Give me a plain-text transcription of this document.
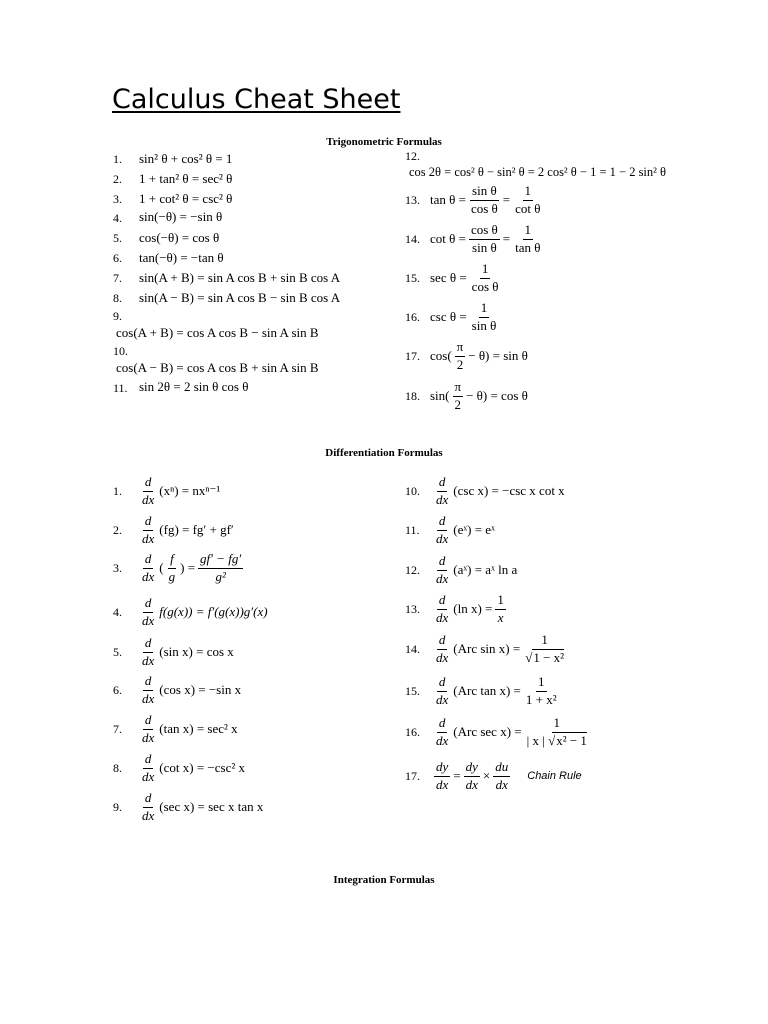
Calculus Cheat Sheet
Trigonometric Formulas
1. sin² θ + cos² θ = 1
2. 1 + tan² θ = sec² θ
3. 1 + cot² θ = csc² θ
4. sin(−θ) = −sin θ
5. cos(−θ) = cos θ
6. tan(−θ) = −tan θ
7. sin(A + B) = sin A cos B + sin B cos A
8. sin(A − B) = sin A cos B − sin B cos A
9.
cos(A + B) = cos A cos B − sin A sin B
10.
cos(A − B) = cos A cos B + sin A sin B
11. sin 2θ = 2 sin θ cos θ
12.
cos 2θ = cos² θ − sin² θ = 2 cos² θ − 1 = 1 − 2 sin² θ
13. $\tan \theta = \frac{\text{sin θ}}{\text{cos θ}} = \frac{1}{\text{cot θ}}$
14. $\cot \theta = \frac{\text{cos θ}}{\text{sin θ}} = \frac{1}{\text{tan θ}}$
15. $\sec \theta = \frac{1}{\text{cos θ}}$
16. $\csc \theta = \frac{1}{\text{sin θ}}$
17. $\cos( \frac{\pi}{2} - \theta) = \sin \theta$
18. $\sin( \frac{\pi}{2} - \theta) = \cos \theta$
Differentiation Formulas
1.	$\frac{d}{dx} (x^n) = nx^{n-1}$
2.	$\frac{d}{dx} (fg) = fg' + gf'$
3.	$\frac{d}{dx}$ ( $\frac{f}{g}$ ) = $\frac{gf' - fg'}{\text{g²}}$
4.	$\frac{d}{dx} f(g(x)) = f'(g(x))g'(x)$
5.	$\frac{d}{dx} (\sin$ x) = cos x
6.	$\frac{d}{dx} (\cos$ x) = −sin x
7.	$\frac{d}{dx} (\tan$ x) = sec² x
8.	$\frac{d}{dx} (\cot$ x) = −csc² x
9.	$\frac{d}{dx} (\sec$ x) = sec x tan x
10.	$\frac{d}{dx} (\csc$ x) = −csc x cot x
11.	$\frac{d}{dx}$ (eˣ) = eˣ
12.	$\frac{d}{dx}$ (aˣ) = aˣ ln a
13.	$\frac{d}{dx} (\ln$ $x) = \frac{1}{x}$
14.	$\frac{d}{dx} (Arc$ $\sin x) = \frac{1}{\text{√1 − x²}}$
15.	$\frac{d}{dx} (Arc$ $\tan x) = \frac{1}{\text{1 + x²}}$
16.	$\frac{d}{dx} (Arc$ $\sec x) = \frac{1}{\text{| x | √x² − 1}}$
17.	$\frac{dy}{dx} = \frac{dy}{dx} \times \frac{du}{dx}$ Chain Rule
Integration Formulas
